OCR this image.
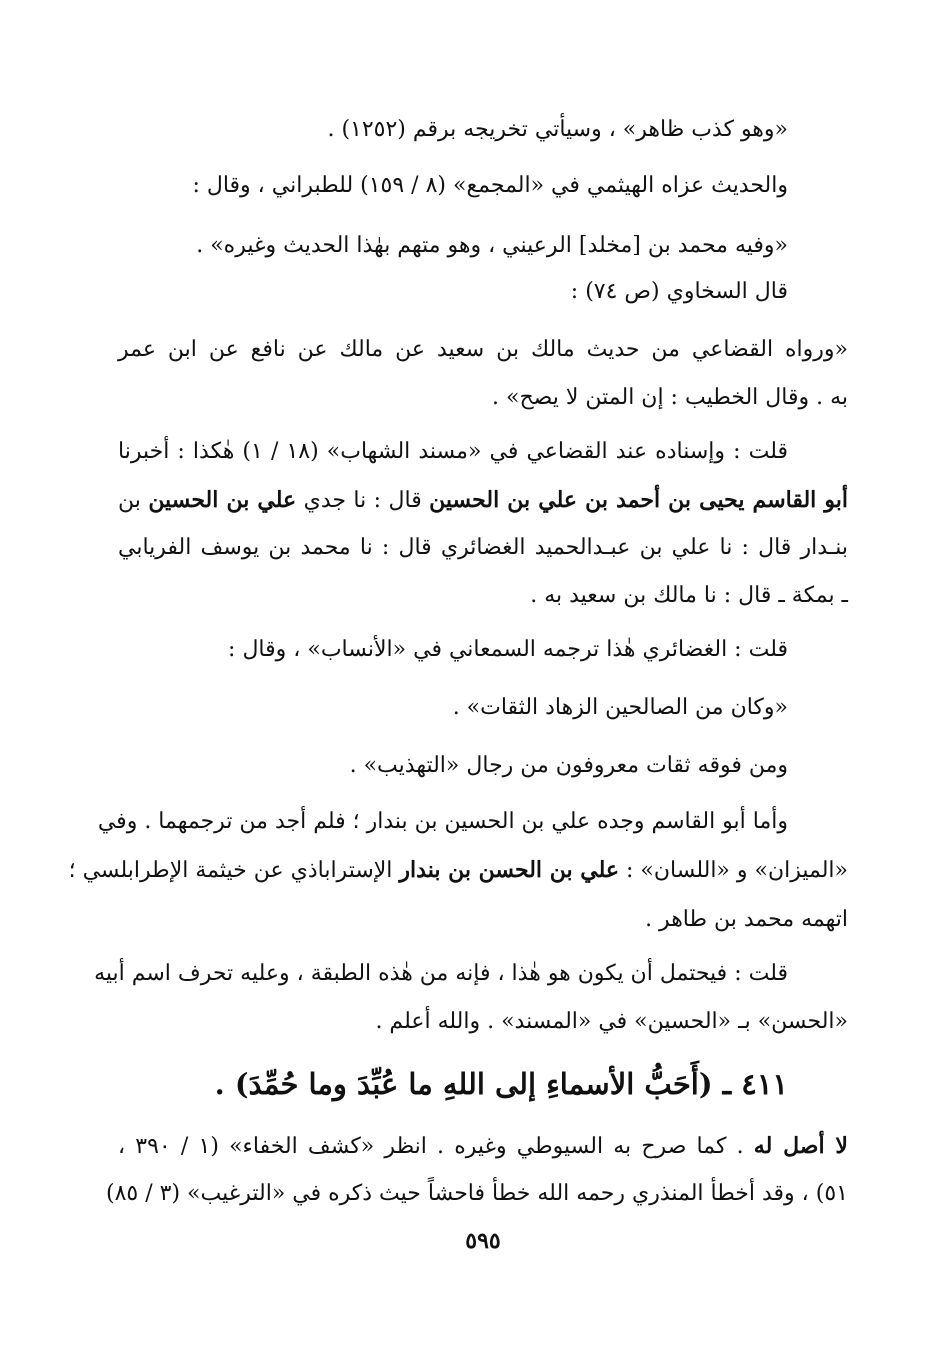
«وهو كذب ظاهر» ، وسيأتي تخريجه برقم (١٢٥٢) .
والحديث عزاه الهيثمي في «المجمع» (٨ / ١٥٩) للطبراني ، وقال :
«وفيه محمد بن [مخلد] الرعيني ، وهو متهم بهٰذا الحديث وغيره» .
قال السخاوي (ص ٧٤) :
«ورواه القضاعي من حديث مالك بن سعيد عن مالك عن نافع عن ابن عمر
به . وقال الخطيب : إن المتن لا يصح» .
قلت : وإسناده عند القضاعي في «مسند الشهاب» (١٨ / ١) هٰكذا : أخبرنا
أبو القاسم يحيى بن أحمد بن علي بن الحسين قال : نا جدي علي بن الحسين بن
بنـدار قال : نا علي بن عبـدالحميد الغضائري قال : نا محمد بن يوسف الفريابي
ـ بمكة ـ قال : نا مالك بن سعيد به .
قلت : الغضائري هٰذا ترجمه السمعاني في «الأنساب» ، وقال :
«وكان من الصالحين الزهاد الثقات» .
ومن فوقه ثقات معروفون من رجال «التهذيب» .
وأما أبو القاسم وجده علي بن الحسين بن بندار ؛ فلم أجد من ترجمهما . وفي
«الميزان» و «اللسان» : علي بن الحسن بن بندار الإستراباذي عن خيثمة الإطرابلسي ؛
اتهمه محمد بن طاهر .
قلت : فيحتمل أن يكون هو هٰذا ، فإنه من هٰذه الطبقة ، وعليه تحرف اسم أبيه
«الحسن» بـ «الحسين» في «المسند» . والله أعلم .
٤١١ ـ (أَحَبُّ الأسماءِ إلى اللهِ ما عُبِّدَ وما حُمِّدَ) .
لا أصل له . كما صرح به السيوطي وغيره . انظر «كشف الخفاء» (١ / ٣٩٠ ،
٥١) ، وقد أخطأ المنذري رحمه الله خطأ فاحشاً حيث ذكره في «الترغيب» (٣ / ٨٥)
٥٩٥
